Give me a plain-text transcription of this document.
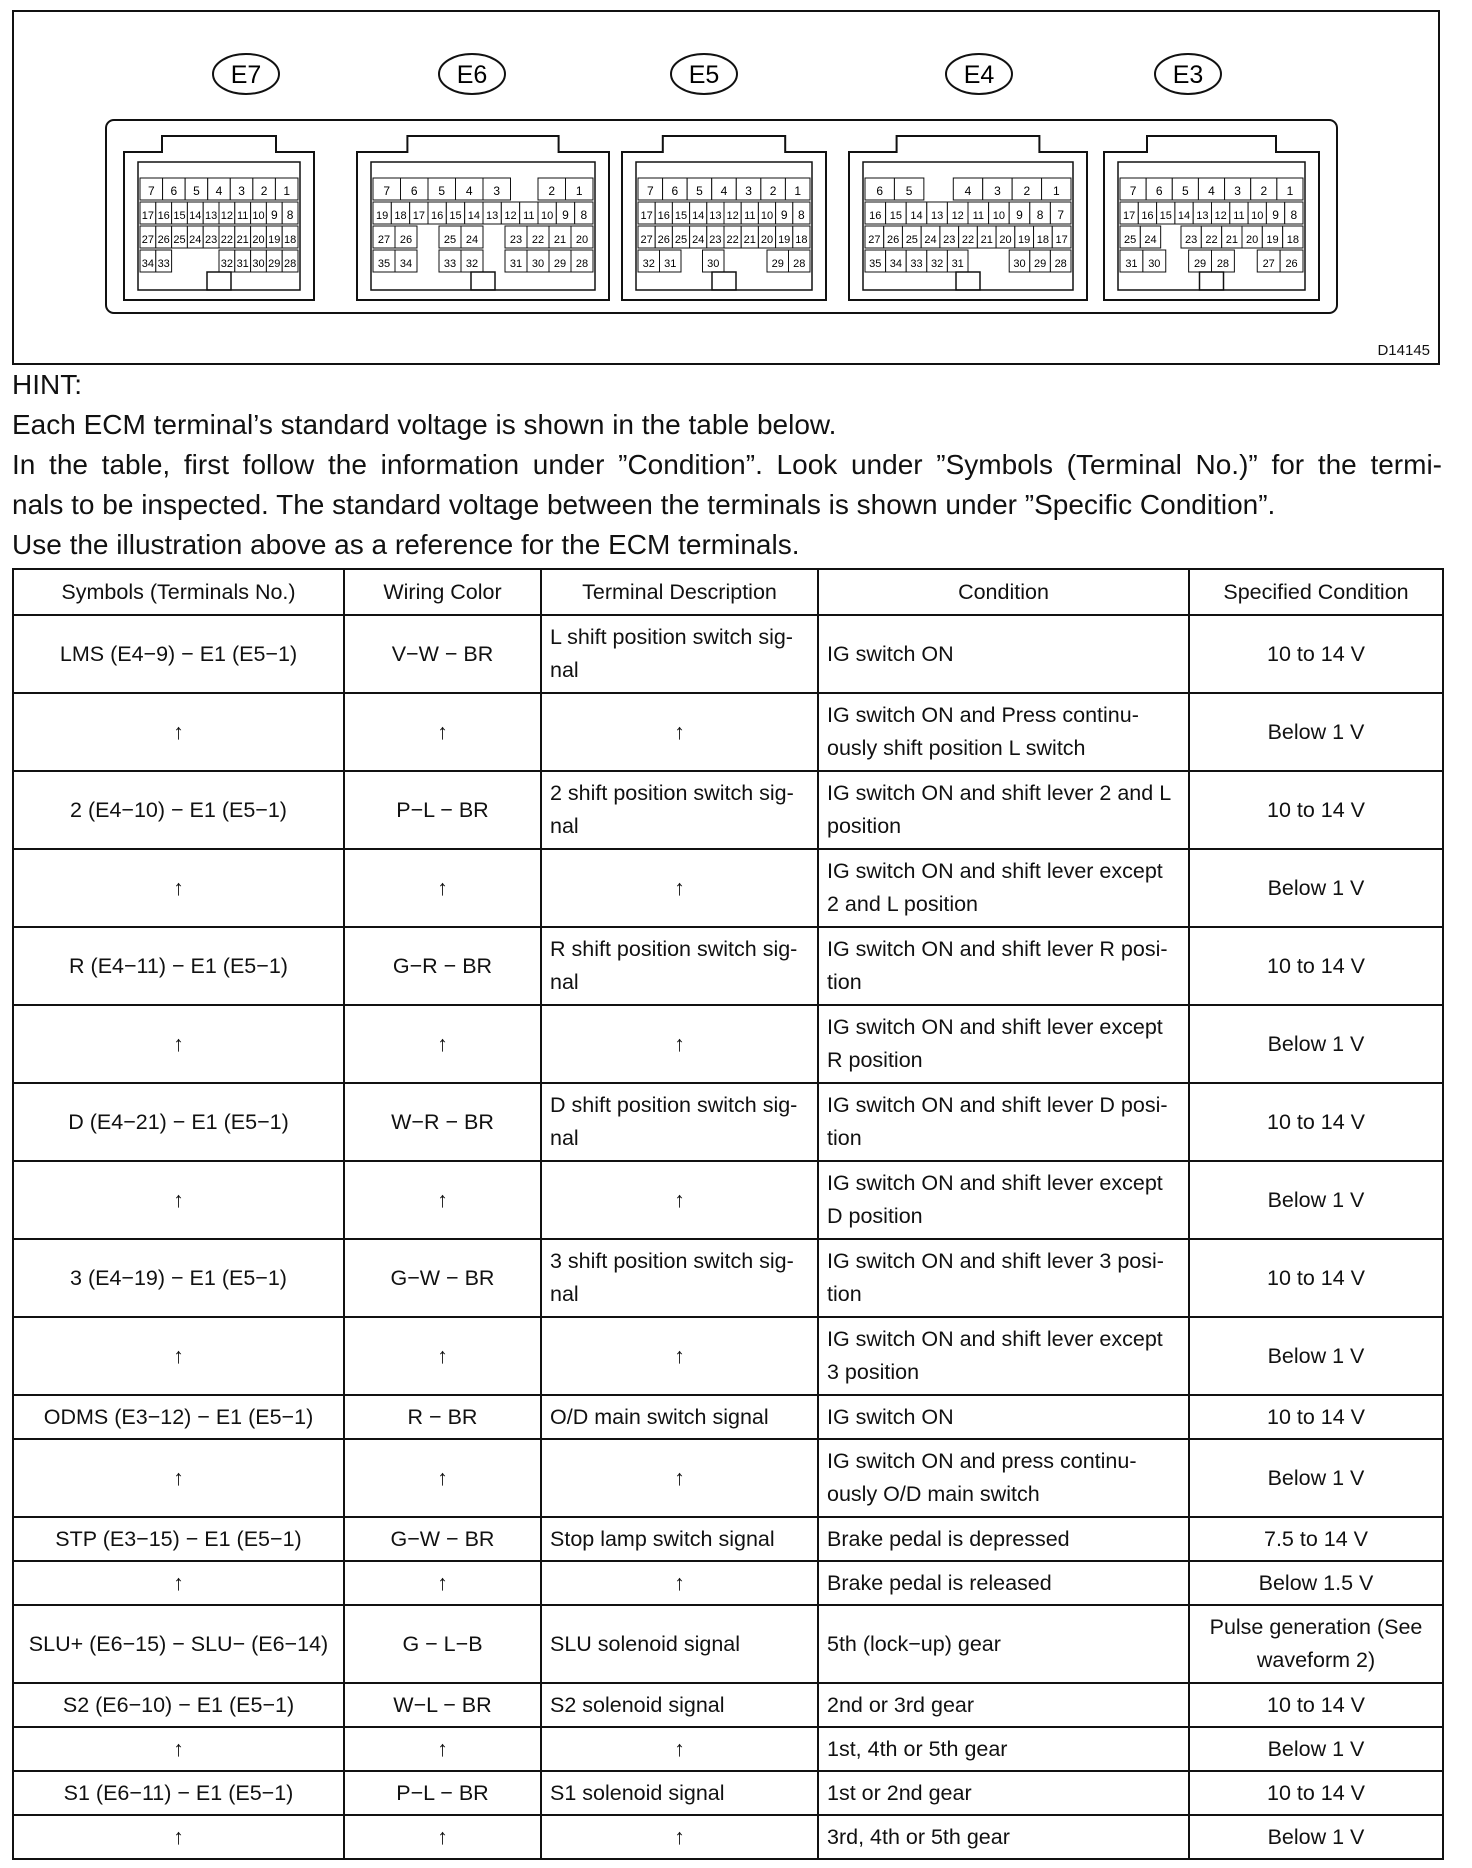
E7
7 6 5 4 3 2 1
17 16 15 14 13 12 11 10 9 8
27 26 25 24 23 22 21 20 19 18
34 33	32 31 30 29 28
E6
7 6 5 4 3	2 1
19 18 17 16 15 14 13 12 11 10 9 8
27 26	25 24	23 22 21 20
35 34	33 32	31 30 29 28
E5
7 6 5 4 3 2 1
17 16 15 14 13 12 11 10 9 8
27 26 25 24 23 22 21 20 19 18
32 31	30	29 28
E4
6 5	4 3 2 1
16 15 14 13 12 11 10 9 8 7
27 26 25 24 23 22 21 20 19 18 17
35 34 33 32 31	30 29 28
E3
7 6 5 4 3 2 1
17 16 15 14 13 12 11 10 9 8
25 24	23 22 21 20 19 18
31 30	29 28	27 26
D14145

HINT:

Each ECM terminal’s standard voltage is shown in the table below.

In the table, first follow the information under ”Condition”. Look under ”Symbols (Terminal No.)” for the termi-

nals to be inspected. The standard voltage between the terminals is shown under ”Specific Condition”.

Use the illustration above as a reference for the ECM terminals.

Symbols (Terminals No.)	Wiring Color	Terminal Description	Condition	Specified Condition
LMS (E4−9) − E1 (E5−1)	V−W − BR	L shift position switch sig-nal	IG switch ON	10 to 14 V
↑	↑	↑	IG switch ON and Press continu-ously shift position L switch	Below 1 V
2 (E4−10) − E1 (E5−1)	P−L − BR	2 shift position switch sig-nal	IG switch ON and shift lever 2 and L position	10 to 14 V
↑	↑	↑	IG switch ON and shift lever except 2 and L position	Below 1 V
R (E4−11) − E1 (E5−1)	G−R − BR	R shift position switch sig-nal	IG switch ON and shift lever R posi-tion	10 to 14 V
↑	↑	↑	IG switch ON and shift lever except R position	Below 1 V
D (E4−21) − E1 (E5−1)	W−R − BR	D shift position switch sig-nal	IG switch ON and shift lever D posi-tion	10 to 14 V
↑	↑	↑	IG switch ON and shift lever except D position	Below 1 V
3 (E4−19) − E1 (E5−1)	G−W − BR	3 shift position switch sig-nal	IG switch ON and shift lever 3 posi-tion	10 to 14 V
↑	↑	↑	IG switch ON and shift lever except 3 position	Below 1 V
ODMS (E3−12) − E1 (E5−1)	R − BR	O/D main switch signal	IG switch ON	10 to 14 V
↑	↑	↑	IG switch ON and press continu-ously O/D main switch	Below 1 V
STP (E3−15) − E1 (E5−1)	G−W − BR	Stop lamp switch signal	Brake pedal is depressed	7.5 to 14 V
↑	↑	↑	Brake pedal is released	Below 1.5 V
SLU+ (E6−15) − SLU− (E6−14)	G − L−B	SLU solenoid signal	5th (lock−up) gear	Pulse generation (See waveform 2)
S2 (E6−10) − E1 (E5−1)	W−L − BR	S2 solenoid signal	2nd or 3rd gear	10 to 14 V
↑	↑	↑	1st, 4th or 5th gear	Below 1 V
S1 (E6−11) − E1 (E5−1)	P−L − BR	S1 solenoid signal	1st or 2nd gear	10 to 14 V
↑	↑	↑	3rd, 4th or 5th gear	Below 1 V
